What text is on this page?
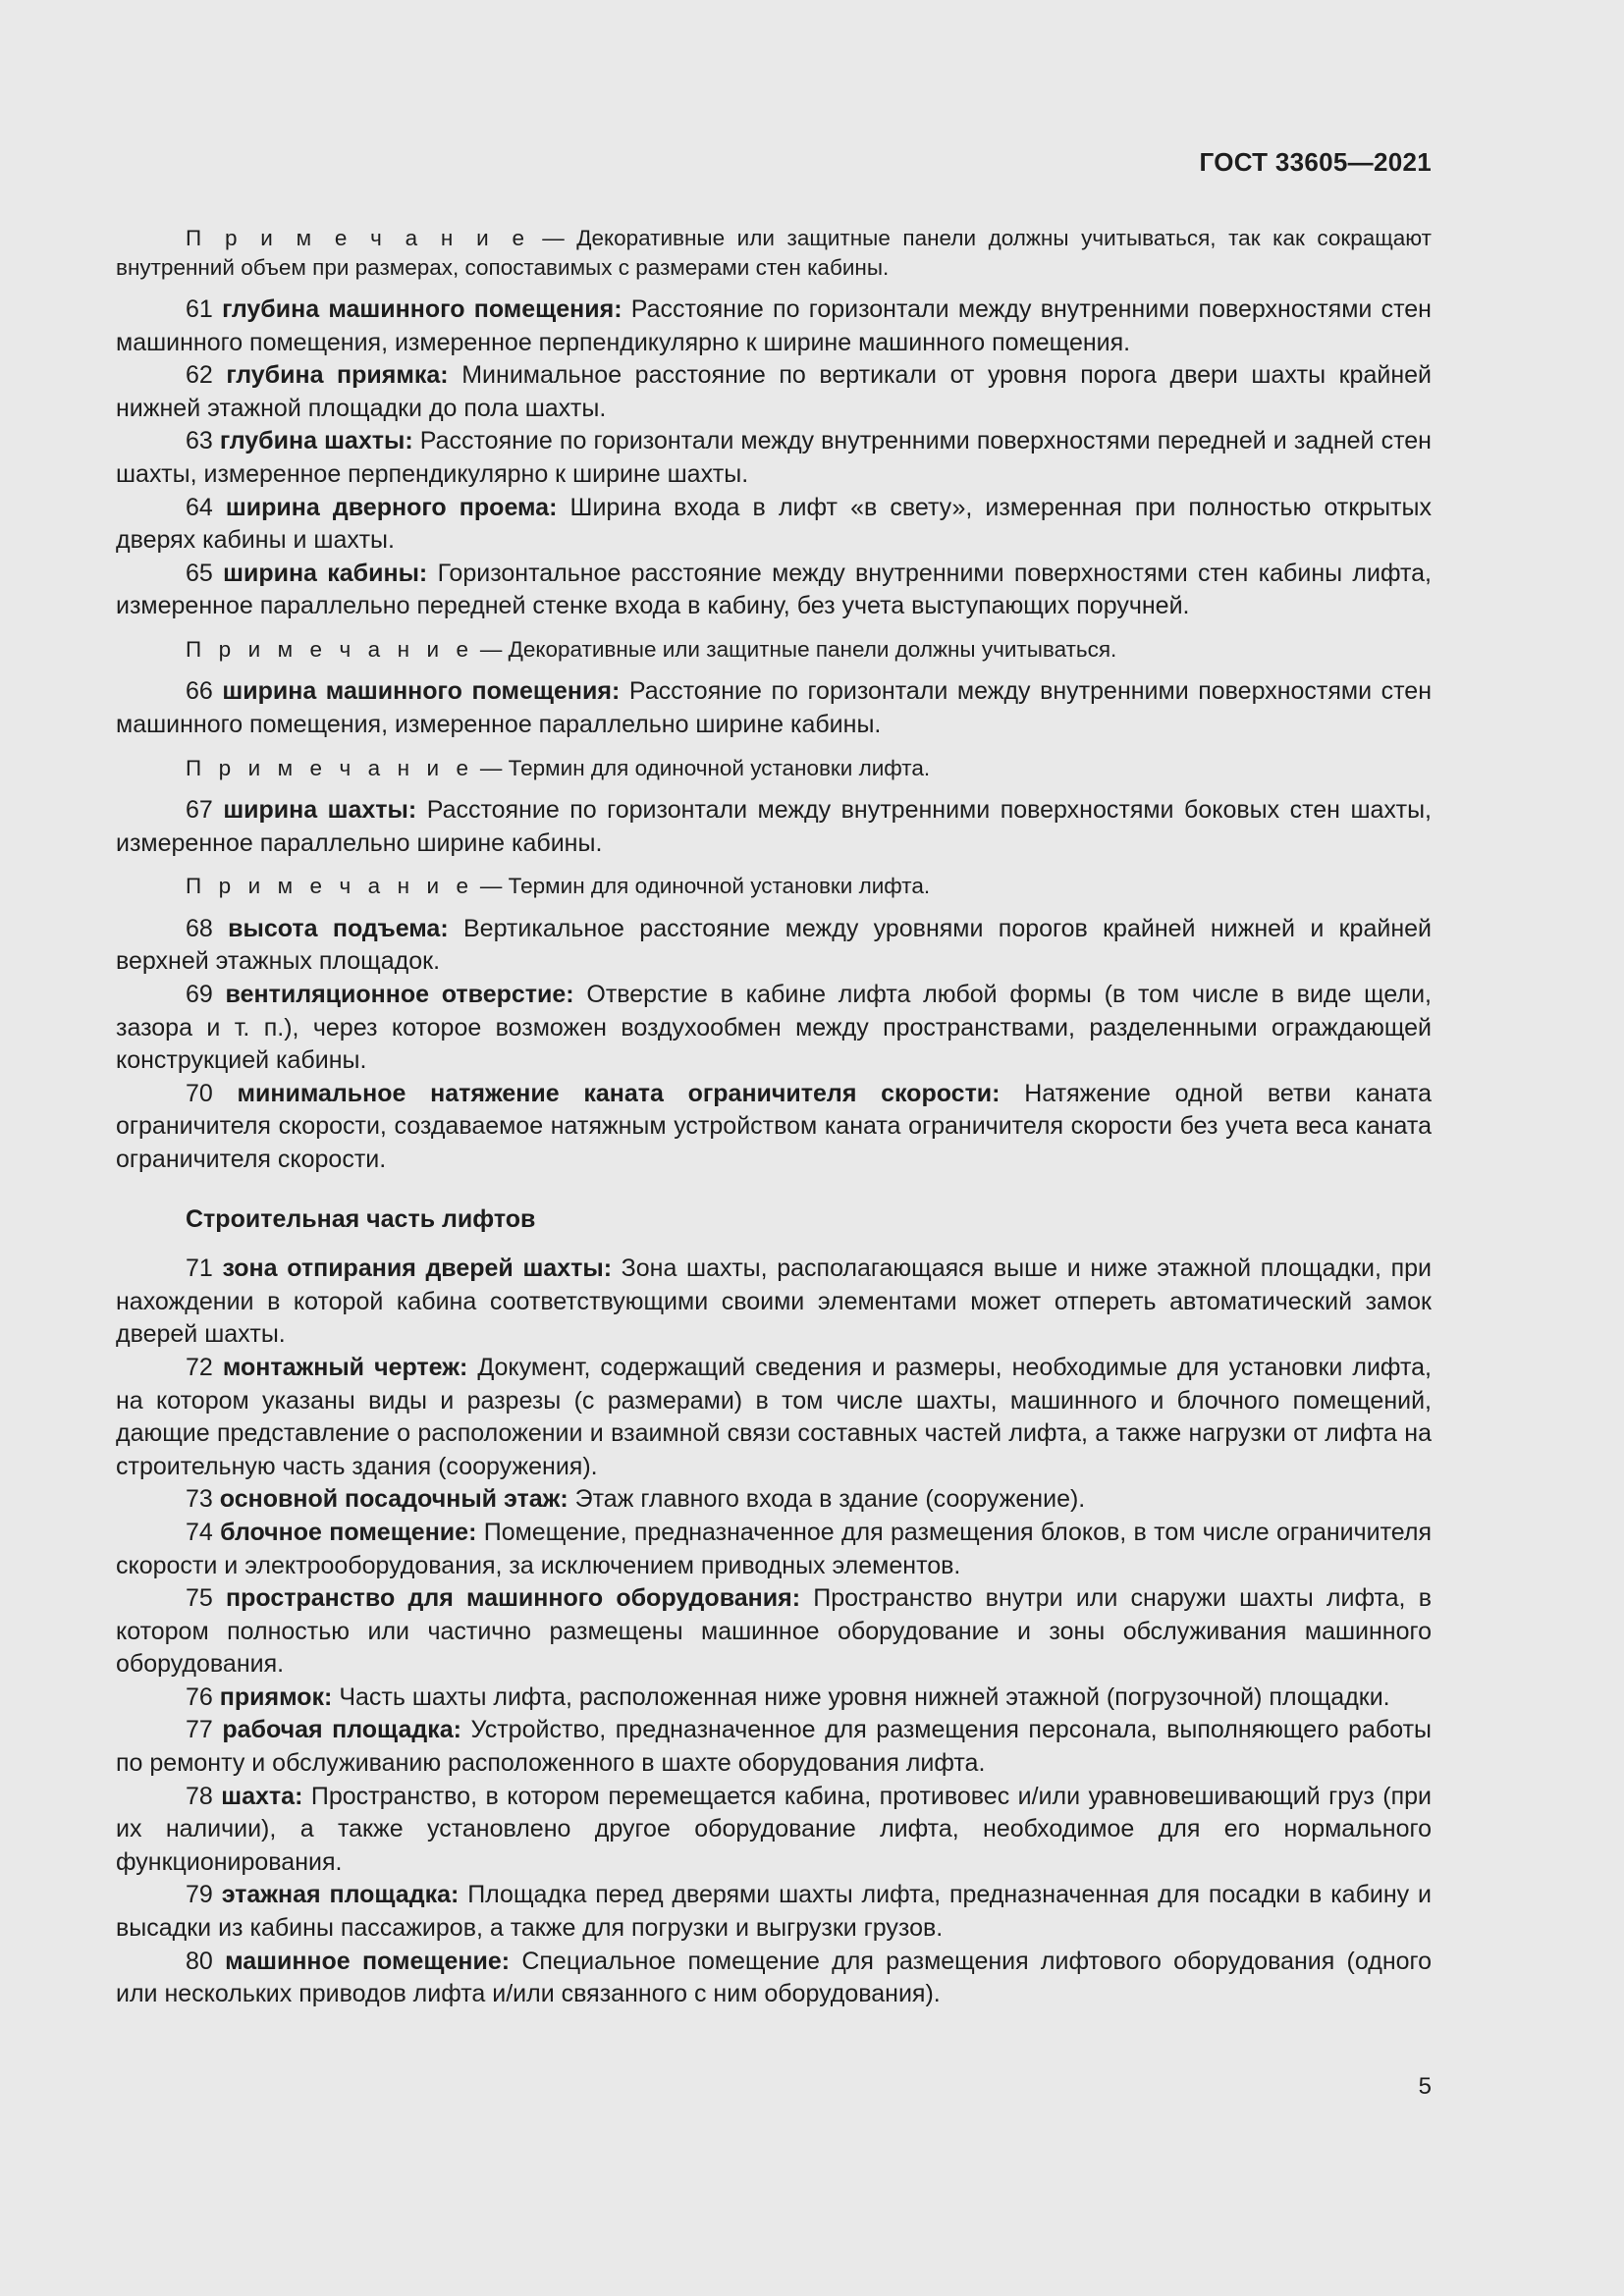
ГОСТ 33605—2021

П р и м е ч а н и е — Декоративные или защитные панели должны учитываться, так как сокращают внутренний объем при размерах, сопоставимых с размерами стен кабины.

61 глубина машинного помещения: Расстояние по горизонтали между внутренними поверхностями стен машинного помещения, измеренное перпендикулярно к ширине машинного помещения.

62 глубина приямка: Минимальное расстояние по вертикали от уровня порога двери шахты крайней нижней этажной площадки до пола шахты.

63 глубина шахты: Расстояние по горизонтали между внутренними поверхностями передней и задней стен шахты, измеренное перпендикулярно к ширине шахты.

64 ширина дверного проема: Ширина входа в лифт «в свету», измеренная при полностью открытых дверях кабины и шахты.

65 ширина кабины: Горизонтальное расстояние между внутренними поверхностями стен кабины лифта, измеренное параллельно передней стенке входа в кабину, без учета выступающих поручней.

П р и м е ч а н и е — Декоративные или защитные панели должны учитываться.

66 ширина машинного помещения: Расстояние по горизонтали между внутренними поверхностями стен машинного помещения, измеренное параллельно ширине кабины.

П р и м е ч а н и е — Термин для одиночной установки лифта.

67 ширина шахты: Расстояние по горизонтали между внутренними поверхностями боковых стен шахты, измеренное параллельно ширине кабины.

П р и м е ч а н и е — Термин для одиночной установки лифта.

68 высота подъема: Вертикальное расстояние между уровнями порогов крайней нижней и крайней верхней этажных площадок.

69 вентиляционное отверстие: Отверстие в кабине лифта любой формы (в том числе в виде щели, зазора и т. п.), через которое возможен воздухообмен между пространствами, разделенными ограждающей конструкцией кабины.

70 минимальное натяжение каната ограничителя скорости: Натяжение одной ветви каната ограничителя скорости, создаваемое натяжным устройством каната ограничителя скорости без учета веса каната ограничителя скорости.

Строительная часть лифтов

71 зона отпирания дверей шахты: Зона шахты, располагающаяся выше и ниже этажной площадки, при нахождении в которой кабина соответствующими своими элементами может отпереть автоматический замок дверей шахты.

72 монтажный чертеж: Документ, содержащий сведения и размеры, необходимые для установки лифта, на котором указаны виды и разрезы (с размерами) в том числе шахты, машинного и блочного помещений, дающие представление о расположении и взаимной связи составных частей лифта, а также нагрузки от лифта на строительную часть здания (сооружения).

73 основной посадочный этаж: Этаж главного входа в здание (сооружение).

74 блочное помещение: Помещение, предназначенное для размещения блоков, в том числе ограничителя скорости и электрооборудования, за исключением приводных элементов.

75 пространство для машинного оборудования: Пространство внутри или снаружи шахты лифта, в котором полностью или частично размещены машинное оборудование и зоны обслуживания машинного оборудования.

76 приямок: Часть шахты лифта, расположенная ниже уровня нижней этажной (погрузочной) площадки.

77 рабочая площадка: Устройство, предназначенное для размещения персонала, выполняющего работы по ремонту и обслуживанию расположенного в шахте оборудования лифта.

78 шахта: Пространство, в котором перемещается кабина, противовес и/или уравновешивающий груз (при их наличии), а также установлено другое оборудование лифта, необходимое для его нормального функционирования.

79 этажная площадка: Площадка перед дверями шахты лифта, предназначенная для посадки в кабину и высадки из кабины пассажиров, а также для погрузки и выгрузки грузов.

80 машинное помещение: Специальное помещение для размещения лифтового оборудования (одного или нескольких приводов лифта и/или связанного с ним оборудования).

5
